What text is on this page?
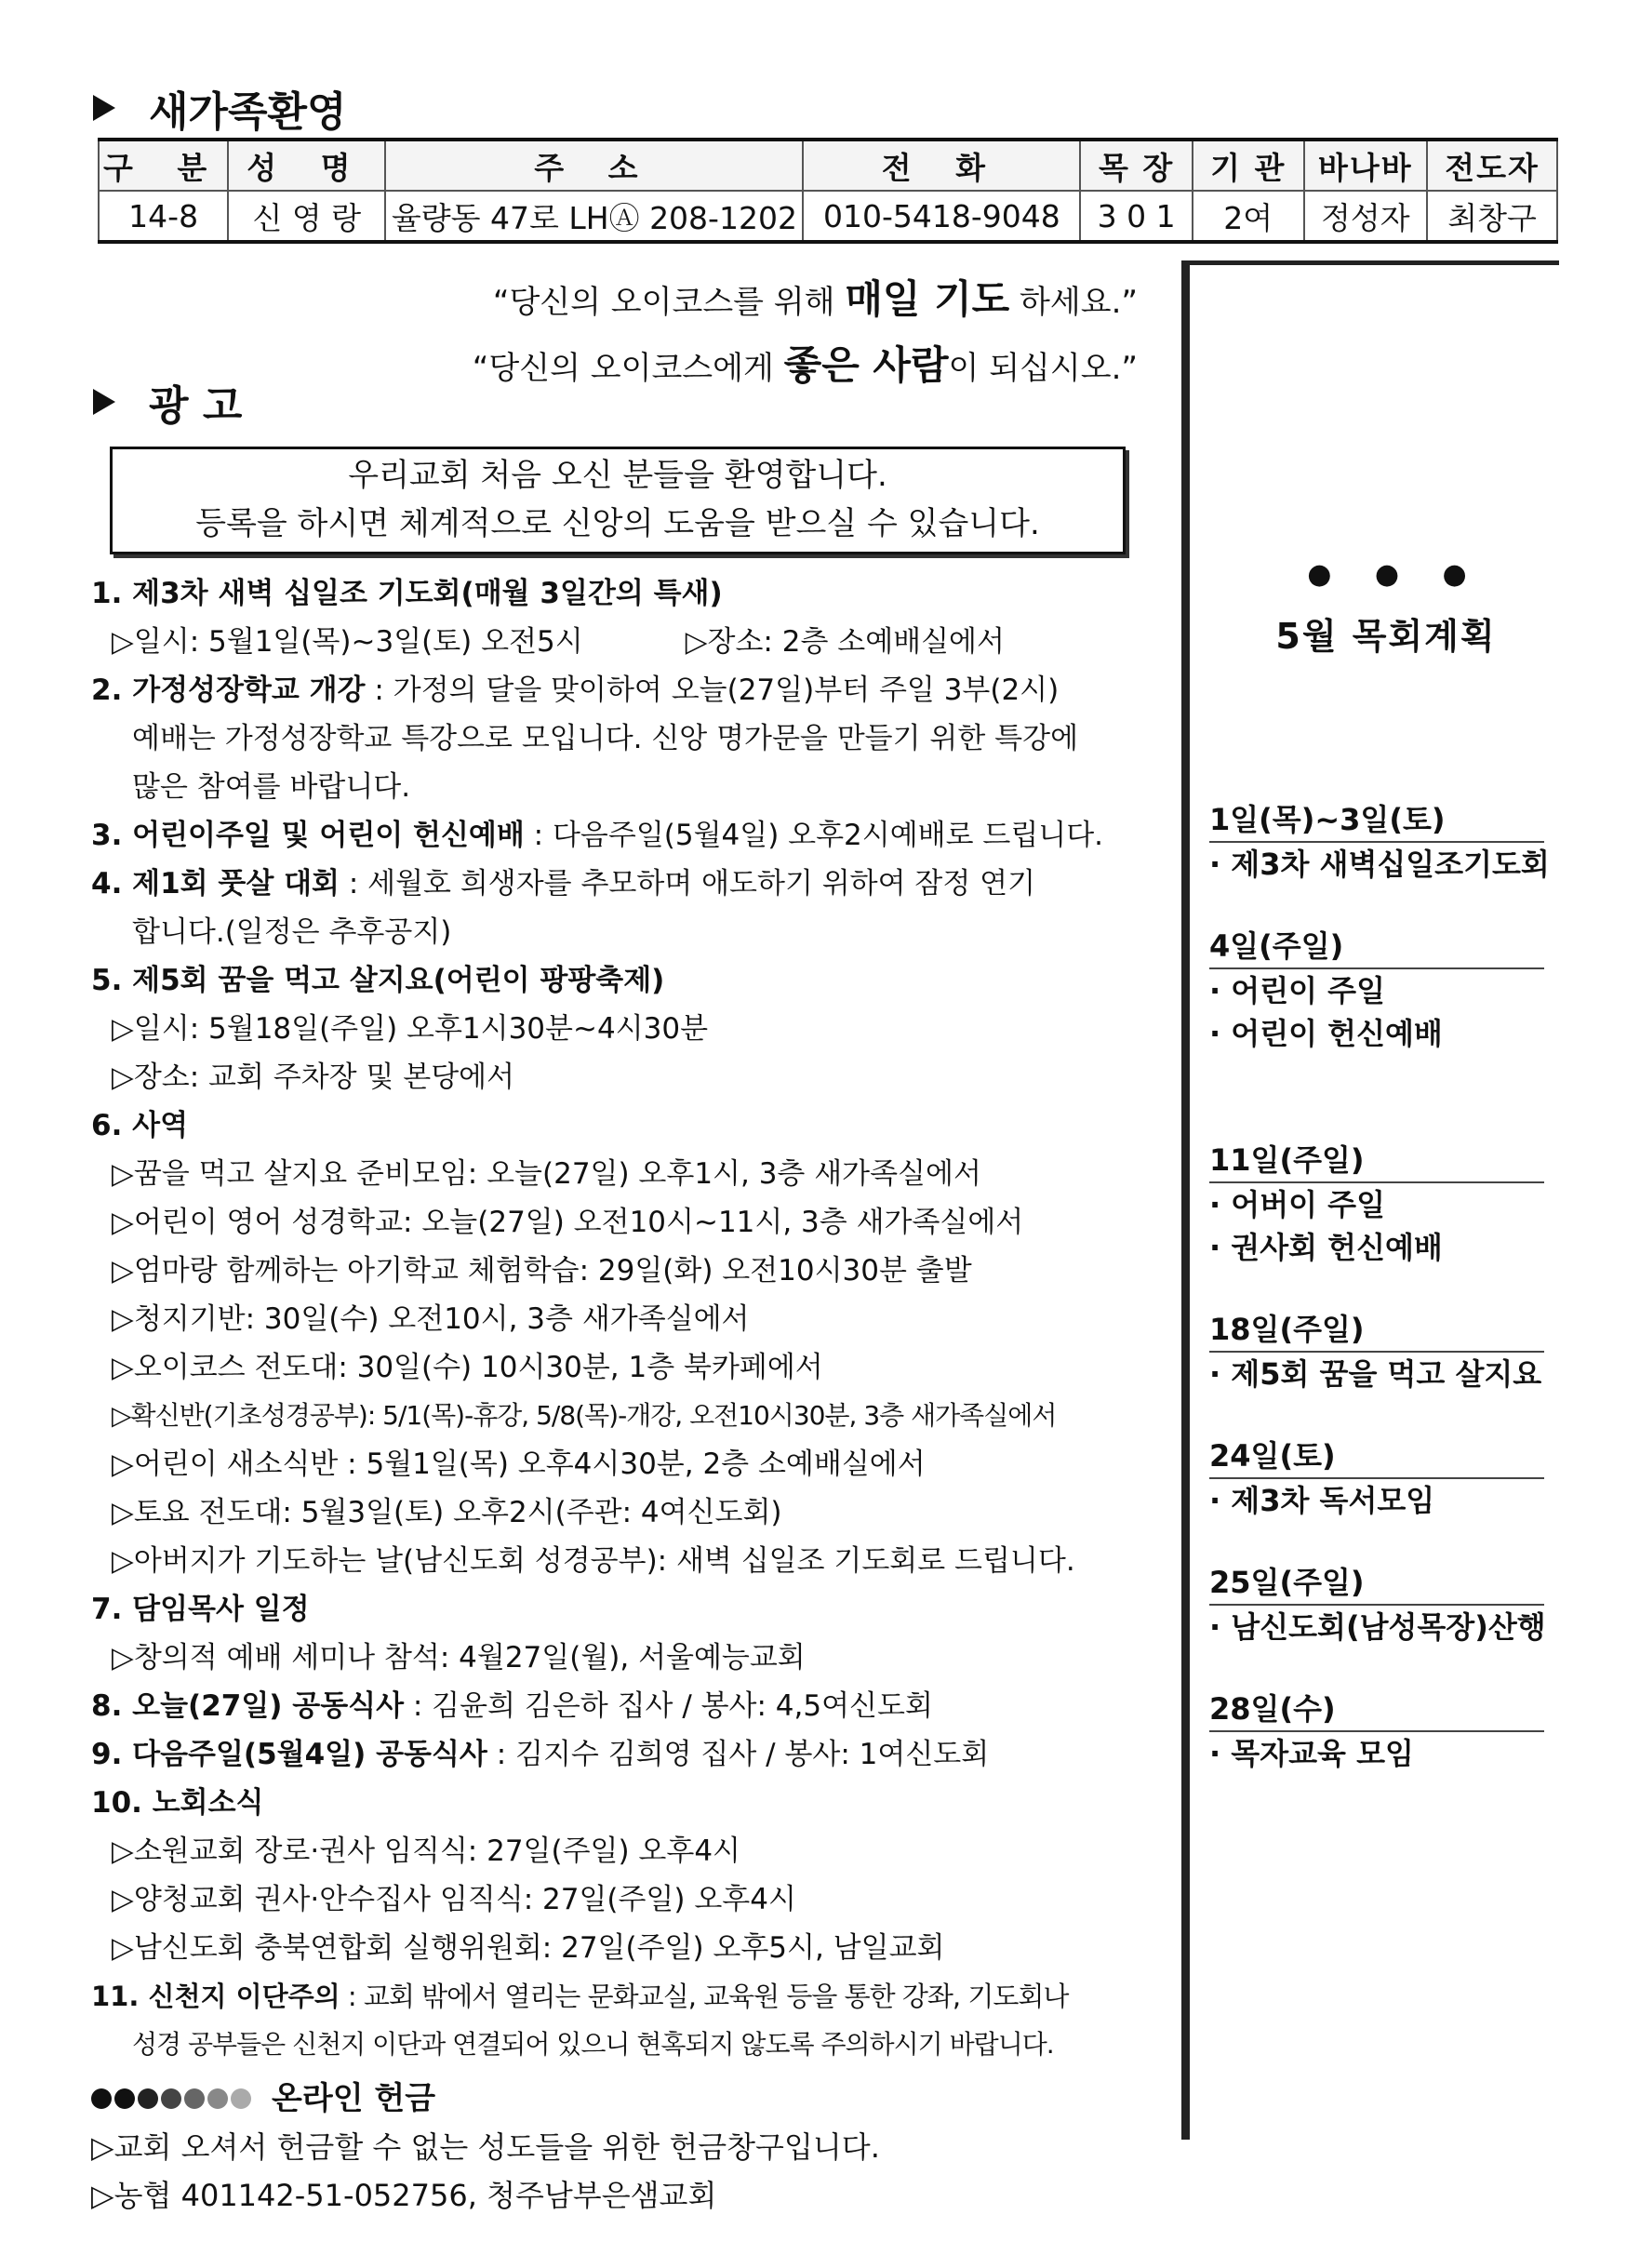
새가족환영
구 분	성 명	주 소	전 화	목 장	기 관	바나바	전도자
14-8	신 영 랑	율량동 47로 LHⒶ 208-1202	010-5418-9048	3 0 1	2여	정성자	최창구
“당신의 오이코스를 위해 매일 기도 하세요.”
“당신의 오이코스에게 좋은 사람이 되십시오.”
광 고
우리교회 처음 오신 분들을 환영합니다.
등록을 하시면 체계적으로 신앙의 도움을 받으실 수 있습니다.
1. 제3차 새벽 십일조 기도회(매월 3일간의 특새)
▷일시: 5월1일(목)~3일(토) 오전5시	▷장소: 2층 소예배실에서
2. 가정성장학교 개강 : 가정의 달을 맞이하여 오늘(27일)부터 주일 3부(2시)
예배는 가정성장학교 특강으로 모입니다. 신앙 명가문을 만들기 위한 특강에
많은 참여를 바랍니다.
3. 어린이주일 및 어린이 헌신예배 : 다음주일(5월4일) 오후2시예배로 드립니다.
4. 제1회 풋살 대회 : 세월호 희생자를 추모하며 애도하기 위하여 잠정 연기
합니다.(일정은 추후공지)
5. 제5회 꿈을 먹고 살지요(어린이 팡팡축제)
▷일시: 5월18일(주일) 오후1시30분~4시30분
▷장소: 교회 주차장 및 본당에서
6. 사역
▷꿈을 먹고 살지요 준비모임: 오늘(27일) 오후1시, 3층 새가족실에서
▷어린이 영어 성경학교: 오늘(27일) 오전10시~11시, 3층 새가족실에서
▷엄마랑 함께하는 아기학교 체험학습: 29일(화) 오전10시30분 출발
▷청지기반: 30일(수) 오전10시, 3층 새가족실에서
▷오이코스 전도대: 30일(수) 10시30분, 1층 북카페에서
▷확신반(기초성경공부): 5/1(목)-휴강, 5/8(목)-개강, 오전10시30분, 3층 새가족실에서
▷어린이 새소식반 : 5월1일(목) 오후4시30분, 2층 소예배실에서
▷토요 전도대: 5월3일(토) 오후2시(주관: 4여신도회)
▷아버지가 기도하는 날(남신도회 성경공부): 새벽 십일조 기도회로 드립니다.
7. 담임목사 일정
▷창의적 예배 세미나 참석: 4월27일(월), 서울예능교회
8. 오늘(27일) 공동식사 : 김윤희 김은하 집사 / 봉사: 4,5여신도회
9. 다음주일(5월4일) 공동식사 : 김지수 김희영 집사 / 봉사: 1여신도회
10. 노회소식
▷소원교회 장로·권사 임직식: 27일(주일) 오후4시
▷양청교회 권사·안수집사 임직식: 27일(주일) 오후4시
▷남신도회 충북연합회 실행위원회: 27일(주일) 오후5시, 남일교회
11. 신천지 이단주의 : 교회 밖에서 열리는 문화교실, 교육원 등을 통한 강좌, 기도회나
성경 공부들은 신천지 이단과 연결되어 있으니 현혹되지 않도록 주의하시기 바랍니다.
온라인 헌금
▷교회 오셔서 헌금할 수 없는 성도들을 위한 헌금창구입니다.
▷농협 401142-51-052756, 청주남부은샘교회
● ● ●
5월 목회계획
1일(목)~3일(토)
· 제3차 새벽십일조기도회
4일(주일)
· 어린이 주일
· 어린이 헌신예배
11일(주일)
· 어버이 주일
· 권사회 헌신예배
18일(주일)
· 제5회 꿈을 먹고 살지요
24일(토)
· 제3차 독서모임
25일(주일)
· 남신도회(남성목장)산행
28일(수)
· 목자교육 모임
